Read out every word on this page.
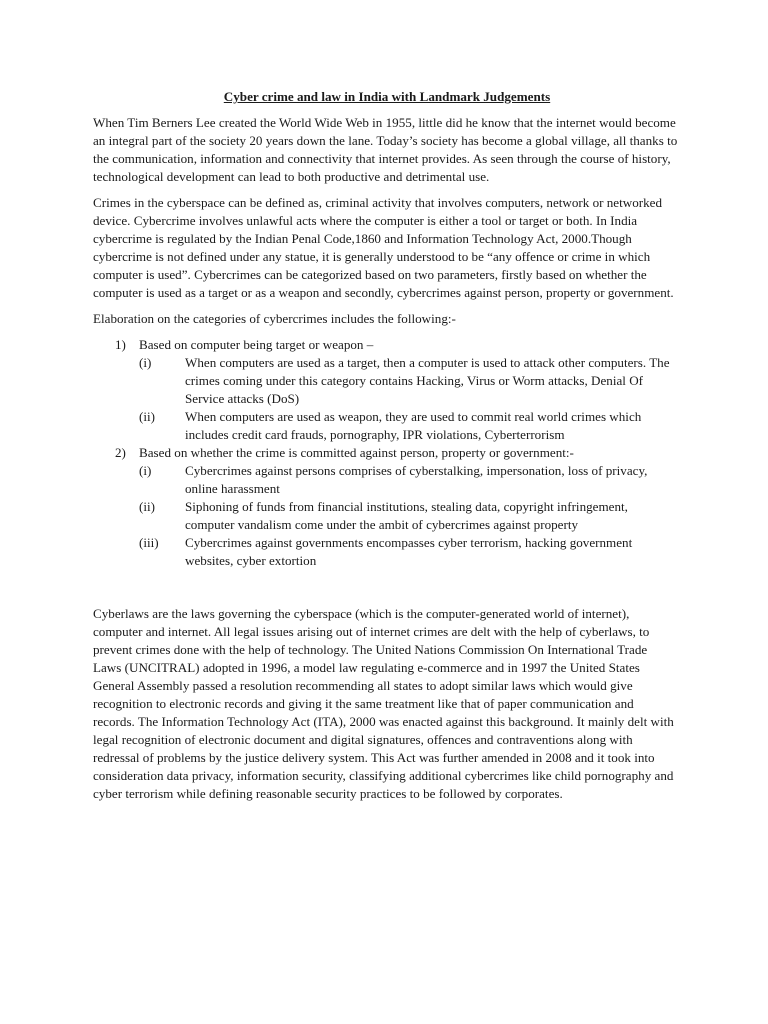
Cyber crime and law in India with Landmark Judgements

When Tim Berners Lee created the World Wide Web in 1955, little did he know that the internet would become an integral part of the society 20 years down the lane. Today’s society has become a global village, all thanks to the communication, information and connectivity that internet provides. As seen through the course of history, technological development can lead to both productive and detrimental use.

Crimes in the cyberspace can be defined as, criminal activity that involves computers, network or networked device. Cybercrime involves unlawful acts where the computer is either a tool or target or both. In India cybercrime is regulated by the Indian Penal Code,1860 and Information Technology Act, 2000.Though cybercrime is not defined under any statue, it is generally understood to be “any offence or crime in which computer is used”. Cybercrimes can be categorized based on two parameters, firstly based on whether the computer is used as a target or as a weapon and secondly, cybercrimes against person, property or government.

Elaboration on the categories of cybercrimes includes the following:-

1) Based on computer being target or weapon –
(i)	When computers are used as a target, then a computer is used to attack other computers. The crimes coming under this category contains Hacking, Virus or Worm attacks, Denial Of Service attacks (DoS)
(ii) When computers are used as weapon, they are used to commit real world crimes which includes credit card frauds, pornography, IPR violations, Cyberterrorism
2) Based on whether the crime is committed against person, property or government:-
(i)	Cybercrimes against persons comprises of cyberstalking, impersonation, loss of privacy, online harassment
(ii) Siphoning of funds from financial institutions, stealing data, copyright infringement, computer vandalism come under the ambit of cybercrimes against property
(iii) Cybercrimes against governments encompasses cyber terrorism, hacking government websites, cyber extortion

Cyberlaws are the laws governing the cyberspace (which is the computer-generated world of internet), computer and internet. All legal issues arising out of internet crimes are delt with the help of cyberlaws, to prevent crimes done with the help of technology. The United Nations Commission On International Trade Laws (UNCITRAL) adopted in 1996, a model law regulating e-commerce and in 1997 the United States General Assembly passed a resolution recommending all states to adopt similar laws which would give recognition to electronic records and giving it the same treatment like that of paper communication and records. The Information Technology Act (ITA), 2000 was enacted against this background. It mainly delt with legal recognition of electronic document and digital signatures, offences and contraventions along with redressal of problems by the justice delivery system. This Act was further amended in 2008 and it took into consideration data privacy, information security, classifying additional cybercrimes like child pornography and cyber terrorism while defining reasonable security practices to be followed by corporates.
